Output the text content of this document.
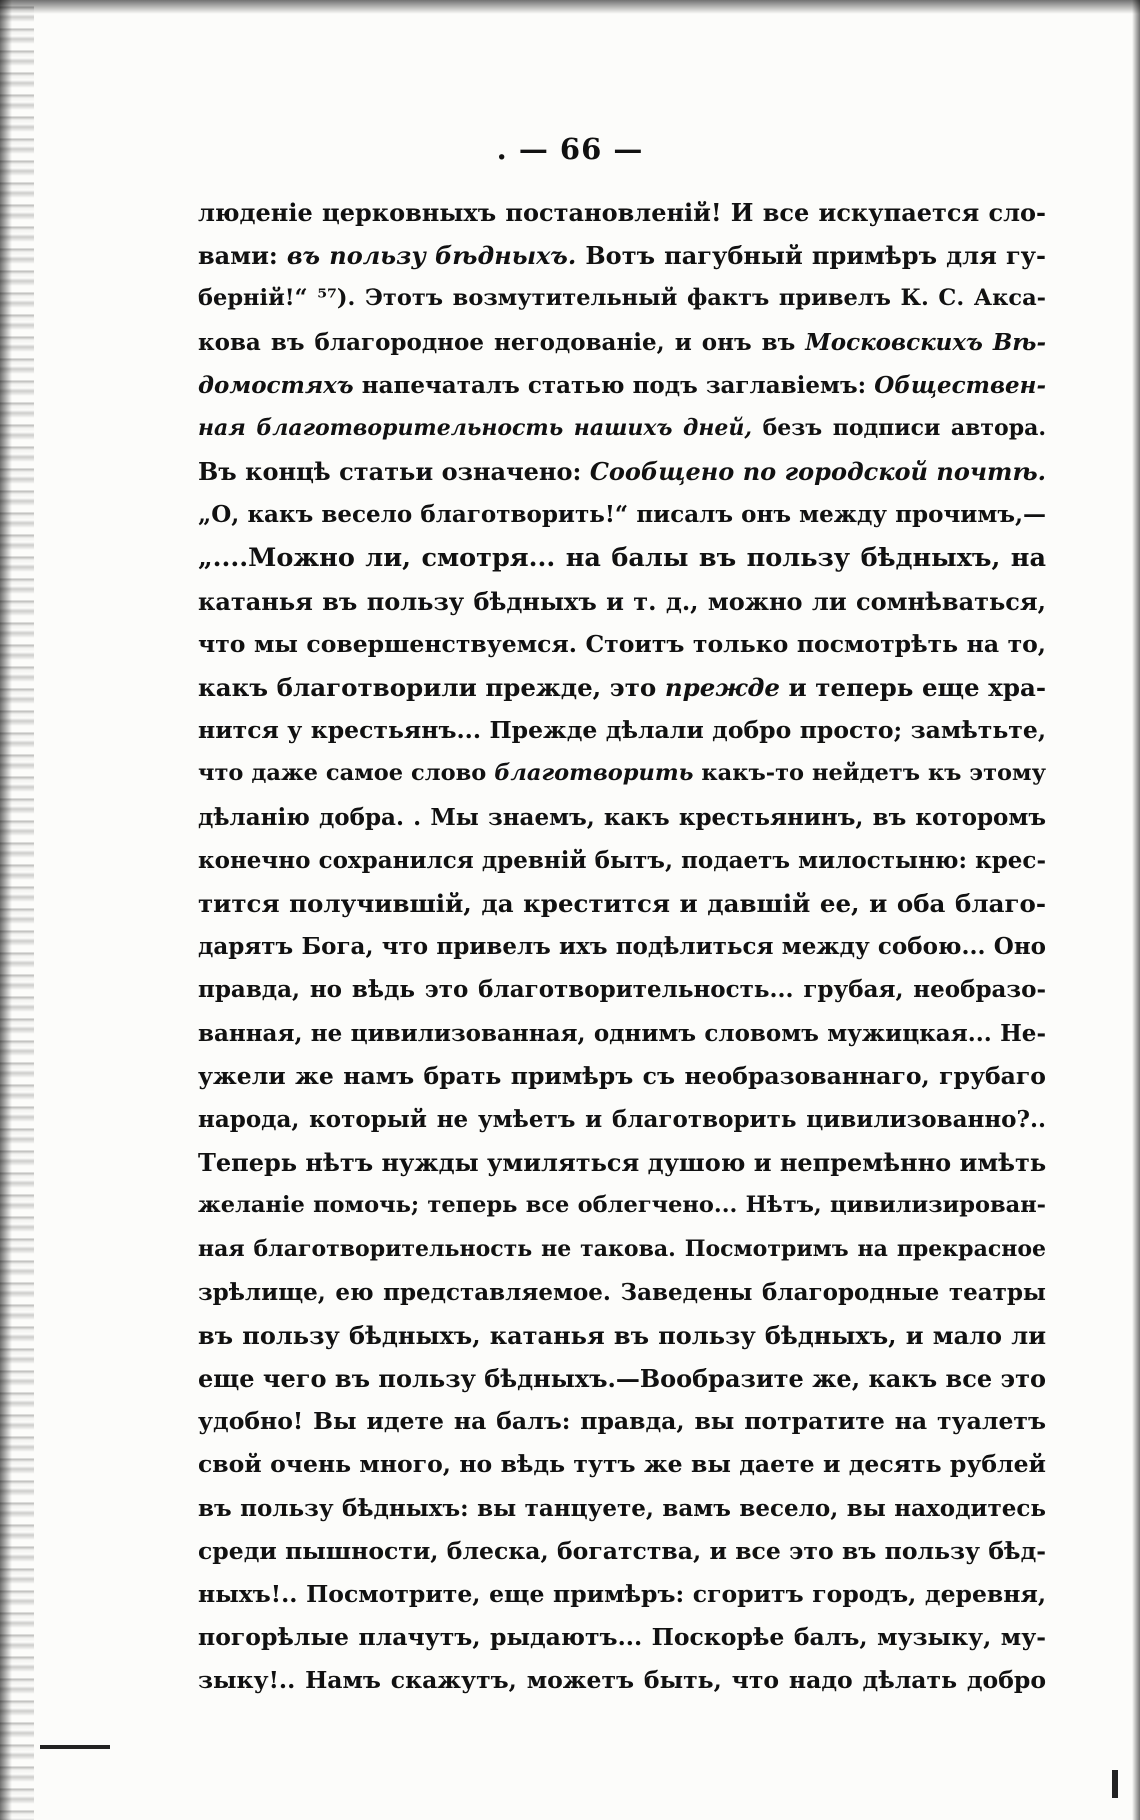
. — 66 —
люденіе церковныхъ постановленій! И все искупается сло-
вами: въ пользу бѣдныхъ. Вотъ пагубный примѣръ для гу-
берній!“ ⁵⁷). Этотъ возмутительный фактъ привелъ К. С. Акса-
кова въ благородное негодованіе, и онъ въ Московскихъ Вѣ-
домостяхъ напечаталъ статью подъ заглавіемъ: Обществен-
ная благотворительность нашихъ дней, безъ подписи автора.
Въ концѣ статьи означено: Сообщено по городской почтѣ.
„О, какъ весело благотворить!“ писалъ онъ между прочимъ,—
„....Можно ли, смотря... на балы въ пользу бѣдныхъ, на
катанья въ пользу бѣдныхъ и т. д., можно ли сомнѣваться,
что мы совершенствуемся. Стоитъ только посмотрѣть на то,
какъ благотворили прежде, это прежде и теперь еще хра-
нится у крестьянъ... Прежде дѣлали добро просто; замѣтьте,
что даже самое слово благотворить какъ-то нейдетъ къ этому
дѣланію добра. . Мы знаемъ, какъ крестьянинъ, въ которомъ
конечно сохранился древній бытъ, подаетъ милостыню: крес-
тится получившій, да крестится и давшій ее, и оба благо-
дарятъ Бога, что привелъ ихъ подѣлиться между собою... Оно
правда, но вѣдь это благотворительность... грубая, необразо-
ванная, не цивилизованная, однимъ словомъ мужицкая... Не-
ужели же намъ брать примѣръ съ необразованнаго, грубаго
народа, который не умѣетъ и благотворить цивилизованно?..
Теперь нѣтъ нужды умиляться душою и непремѣнно имѣть
желаніе помочь; теперь все облегчено... Нѣтъ, цивилизирован-
ная благотворительность не такова. Посмотримъ на прекрасное
зрѣлище, ею представляемое. Заведены благородные театры
въ пользу бѣдныхъ, катанья въ пользу бѣдныхъ, и мало ли
еще чего въ пользу бѣдныхъ.—Вообразите же, какъ все это
удобно! Вы идете на балъ: правда, вы потратите на туалетъ
свой очень много, но вѣдь тутъ же вы даете и десять рублей
въ пользу бѣдныхъ: вы танцуете, вамъ весело, вы находитесь
среди пышности, блеска, богатства, и все это въ пользу бѣд-
ныхъ!.. Посмотрите, еще примѣръ: сгоритъ городъ, деревня,
погорѣлые плачутъ, рыдаютъ... Поскорѣе балъ, музыку, му-
зыку!.. Намъ скажутъ, можетъ быть, что надо дѣлать добро
